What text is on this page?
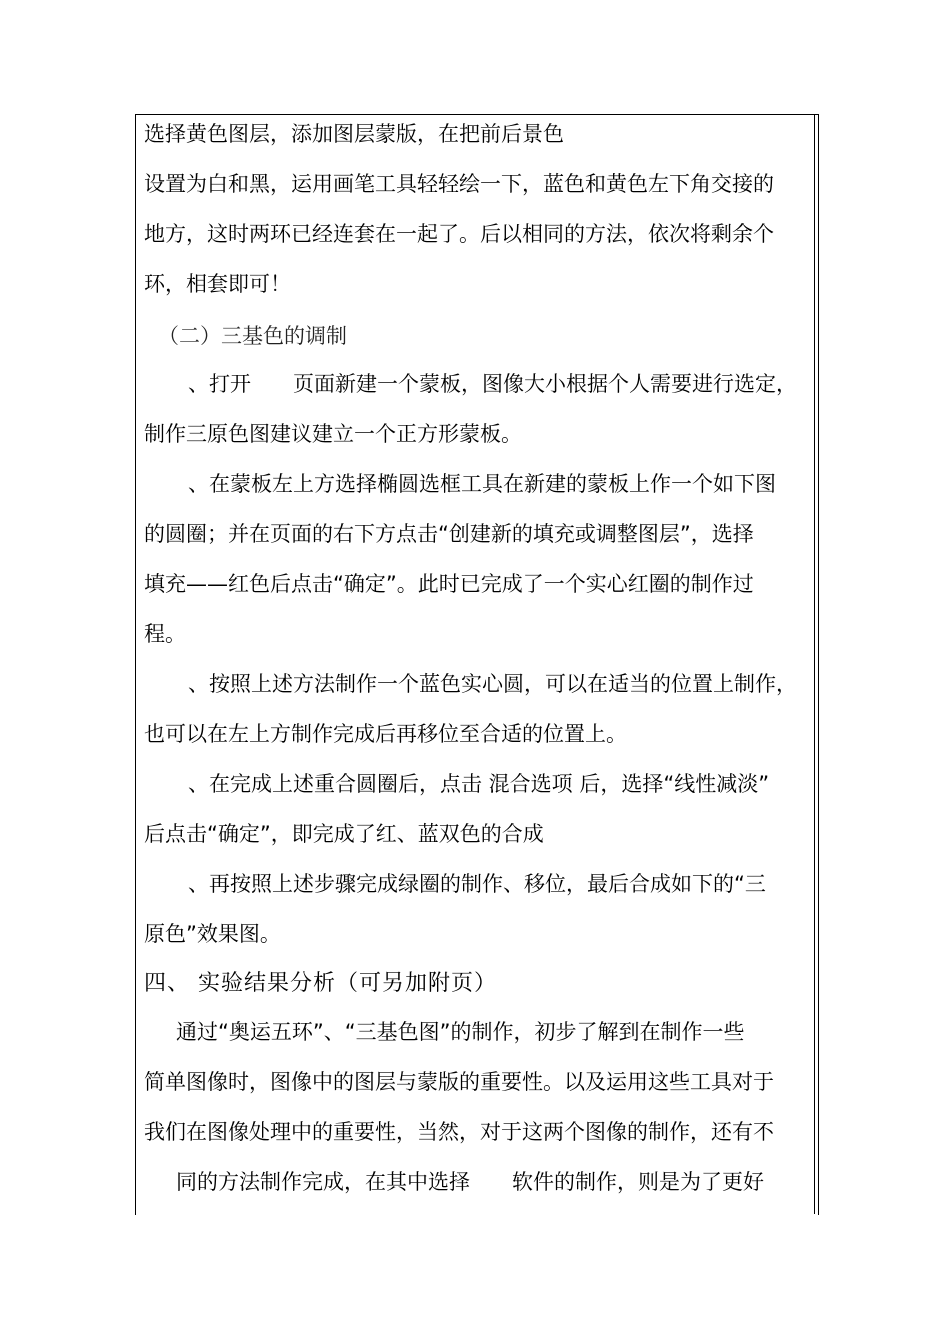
选择黄色图层，添加图层蒙版，在把前后景色
设置为白和黑，运用画笔工具轻轻绘一下，蓝色和黄色左下角交接的
地方，这时两环已经连套在一起了。后以相同的方法，依次将剩余个
环，相套即可！
（二）三基色的调制
、打开　　页面新建一个蒙板，图像大小根据个人需要进行选定，
制作三原色图建议建立一个正方形蒙板。
、在蒙板左上方选择椭圆选框工具在新建的蒙板上作一个如下图
的圆圈；并在页面的右下方点击“创建新的填充或调整图层”，选择
填充——红色后点击“确定”。此时已完成了一个实心红圈的制作过
程。
、按照上述方法制作一个蓝色实心圆，可以在适当的位置上制作，
也可以在左上方制作完成后再移位至合适的位置上。
、在完成上述重合圆圈后，点击 混合选项 后，选择“线性减淡”
后点击“确定”，即完成了红、蓝双色的合成
、再按照上述步骤完成绿圈的制作、移位，最后合成如下的“三
原色”效果图。
四、 实验结果分析（可另加附页）
通过“奥运五环”、“三基色图”的制作，初步了解到在制作一些
简单图像时，图像中的图层与蒙版的重要性。以及运用这些工具对于
我们在图像处理中的重要性，当然，对于这两个图像的制作，还有不
同的方法制作完成，在其中选择　　软件的制作，则是为了更好
